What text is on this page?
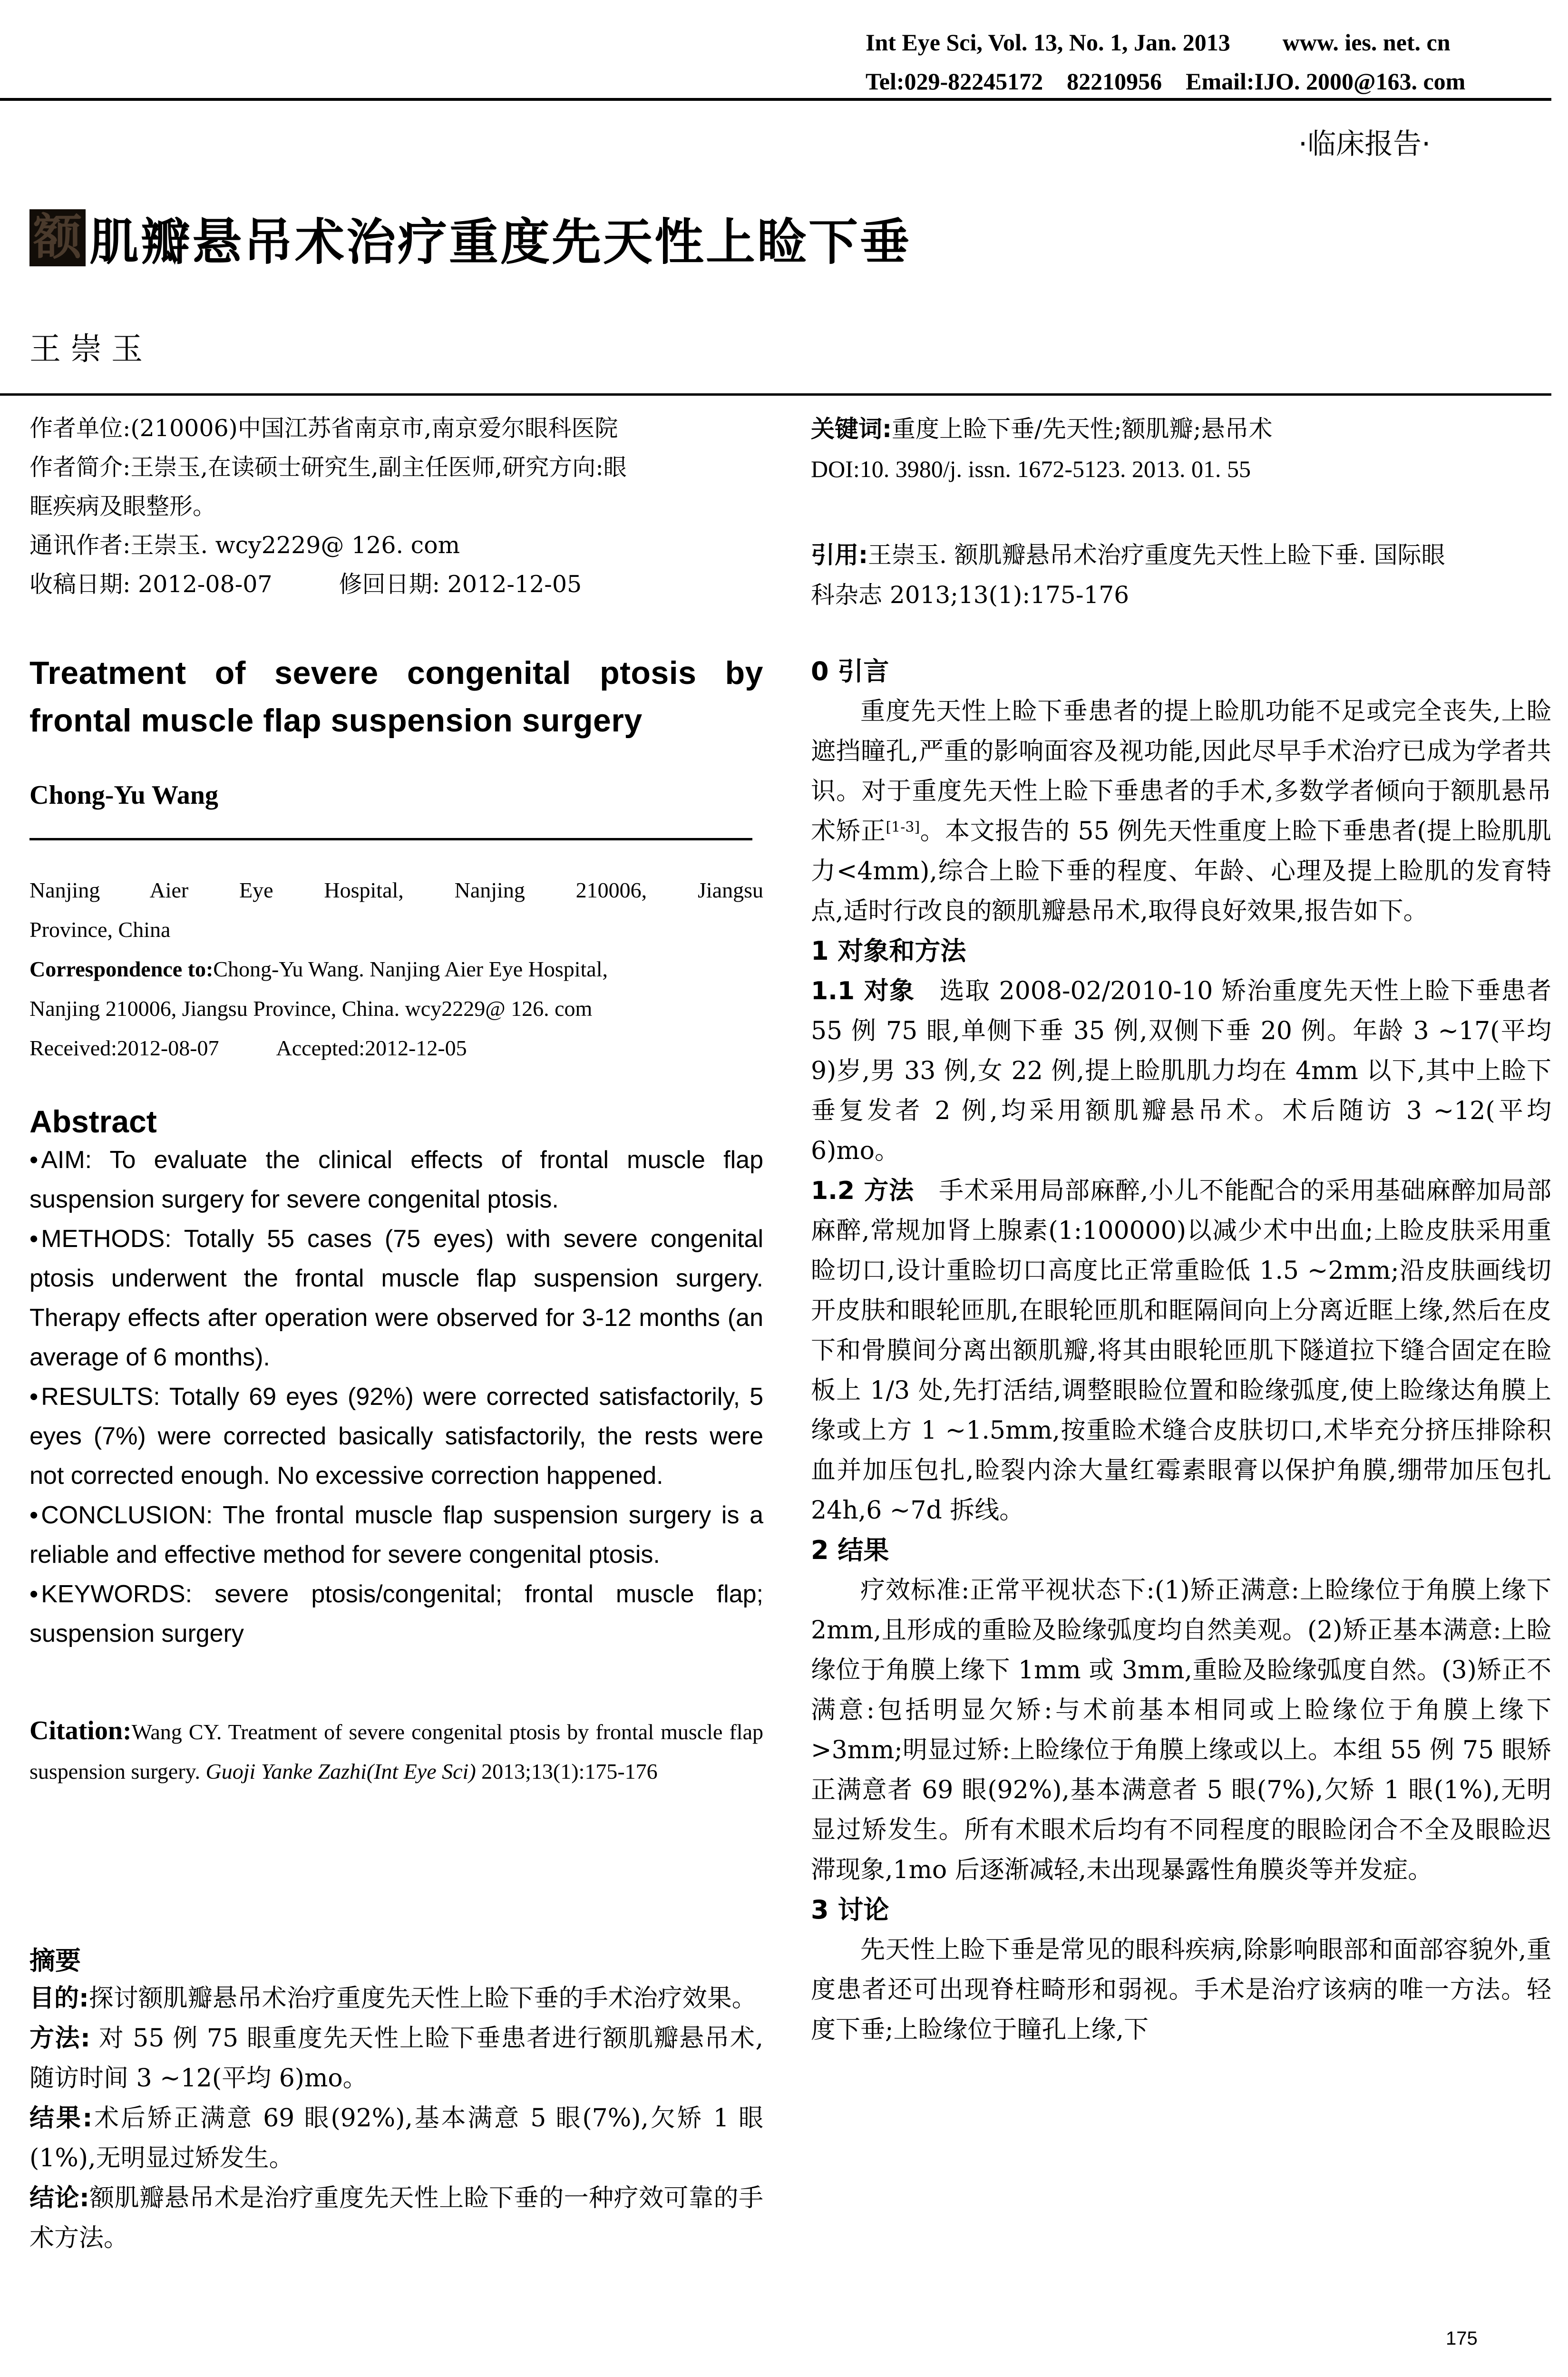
Int Eye Sci, Vol. 13, No. 1, Jan. 2013 www. ies. net. cn
Tel:029-82245172 82210956 Email:IJO. 2000@163. com
·临床报告·
额 肌瓣悬吊术治疗重度先天性上睑下垂
王崇玉
作者单位:(210006)中国江苏省南京市,南京爱尔眼科医院
作者简介:王崇玉,在读硕士研究生,副主任医师,研究方向:眼
眶疾病及眼整形。
通讯作者:王崇玉. wcy2229@ 126. com
收稿日期: 2012-08-07	修回日期: 2012-12-05
Treatment of severe congenital ptosis by
frontal muscle flap suspension surgery
Chong-Yu Wang
Nanjing Aier Eye Hospital, Nanjing 210006, Jiangsu
Province, China
Correspondence to:Chong-Yu Wang. Nanjing Aier Eye Hospital,
Nanjing 210006, Jiangsu Province, China. wcy2229@ 126. com
Received:2012-08-07	Accepted:2012-12-05
Abstract
• AIM: To evaluate the clinical effects of frontal muscle flap suspension surgery for severe congenital ptosis.
• METHODS: Totally 55 cases (75 eyes) with severe congenital ptosis underwent the frontal muscle flap suspension surgery. Therapy effects after operation were observed for 3-12 months (an average of 6 months).
• RESULTS: Totally 69 eyes (92%) were corrected satisfactorily, 5 eyes (7%) were corrected basically satisfactorily, the rests were not corrected enough. No excessive correction happened.
• CONCLUSION: The frontal muscle flap suspension surgery is a reliable and effective method for severe congenital ptosis.
• KEYWORDS: severe ptosis/congenital; frontal muscle flap; suspension surgery
Citation:Wang CY. Treatment of severe congenital ptosis by frontal muscle flap suspension surgery. Guoji Yanke Zazhi(Int Eye Sci) 2013;13(1):175-176
摘要

目的:探讨额肌瓣悬吊术治疗重度先天性上睑下垂的手术治疗效果。

方法: 对 55 例 75 眼重度先天性上睑下垂患者进行额肌瓣悬吊术,随访时间 3 ~12(平均 6)mo。

结果:术后矫正满意 69 眼(92%),基本满意 5 眼(7%),欠矫 1 眼(1%),无明显过矫发生。

结论:额肌瓣悬吊术是治疗重度先天性上睑下垂的一种疗效可靠的手术方法。

关键词:重度上睑下垂/先天性;额肌瓣;悬吊术
DOI:10. 3980/j. issn. 1672-5123. 2013. 01. 55
引用:王崇玉. 额肌瓣悬吊术治疗重度先天性上睑下垂. 国际眼
科杂志 2013;13(1):175-176
0 引言

重度先天性上睑下垂患者的提上睑肌功能不足或完全丧失,上睑遮挡瞳孔,严重的影响面容及视功能,因此尽早手术治疗已成为学者共识。对于重度先天性上睑下垂患者的手术,多数学者倾向于额肌悬吊术矫正[1-3]。本文报告的 55 例先天性重度上睑下垂患者(提上睑肌肌力<4mm),综合上睑下垂的程度、年龄、心理及提上睑肌的发育特点,适时行改良的额肌瓣悬吊术,取得良好效果,报告如下。

1 对象和方法

1.1 对象 选取 2008-02/2010-10 矫治重度先天性上睑下垂患者 55 例 75 眼,单侧下垂 35 例,双侧下垂 20 例。年龄 3 ~17(平均 9)岁,男 33 例,女 22 例,提上睑肌肌力均在 4mm 以下,其中上睑下垂复发者 2 例,均采用额肌瓣悬吊术。术后随访 3 ~12(平均 6)mo。

1.2 方法 手术采用局部麻醉,小儿不能配合的采用基础麻醉加局部麻醉,常规加肾上腺素(1:100000)以减少术中出血;上睑皮肤采用重睑切口,设计重睑切口高度比正常重睑低 1.5 ~2mm;沿皮肤画线切开皮肤和眼轮匝肌,在眼轮匝肌和眶隔间向上分离近眶上缘,然后在皮下和骨膜间分离出额肌瓣,将其由眼轮匝肌下隧道拉下缝合固定在睑板上 1/3 处,先打活结,调整眼睑位置和睑缘弧度,使上睑缘达角膜上缘或上方 1 ~1.5mm,按重睑术缝合皮肤切口,术毕充分挤压排除积血并加压包扎,睑裂内涂大量红霉素眼膏以保护角膜,绷带加压包扎 24h,6 ~7d 拆线。

2 结果

疗效标准:正常平视状态下:(1)矫正满意:上睑缘位于角膜上缘下 2mm,且形成的重睑及睑缘弧度均自然美观。(2)矫正基本满意:上睑缘位于角膜上缘下 1mm 或 3mm,重睑及睑缘弧度自然。(3)矫正不满意:包括明显欠矫:与术前基本相同或上睑缘位于角膜上缘下>3mm;明显过矫:上睑缘位于角膜上缘或以上。本组 55 例 75 眼矫正满意者 69 眼(92%),基本满意者 5 眼(7%),欠矫 1 眼(1%),无明显过矫发生。所有术眼术后均有不同程度的眼睑闭合不全及眼睑迟滞现象,1mo 后逐渐减轻,未出现暴露性角膜炎等并发症。

3 讨论

先天性上睑下垂是常见的眼科疾病,除影响眼部和面部容貌外,重度患者还可出现脊柱畸形和弱视。手术是治疗该病的唯一方法。轻度下垂;上睑缘位于瞳孔上缘,下

175
